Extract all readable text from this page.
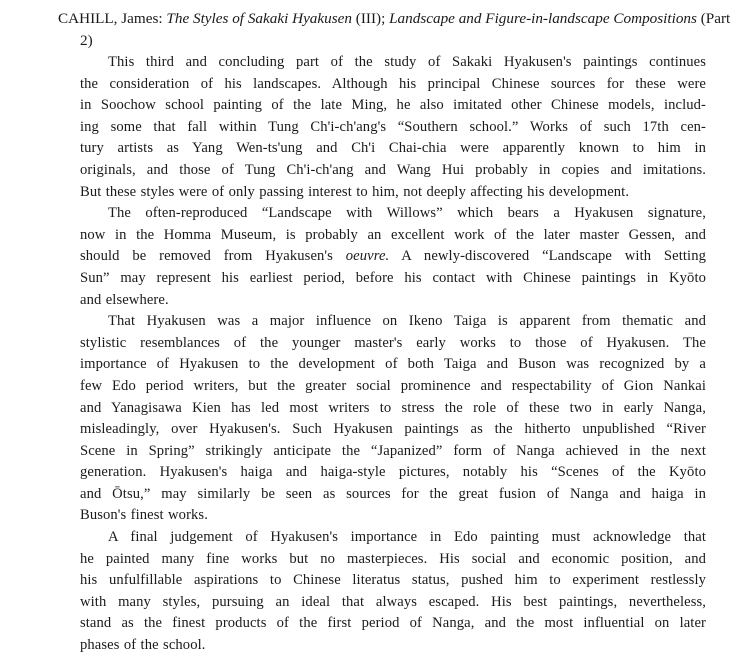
CAHILL, James: The Styles of Sakaki Hyakusen (III); Landscape and Figure-in-landscape Compositions (Part 2)
This third and concluding part of the study of Sakaki Hyakusen's paintings continues
the consideration of his landscapes. Although his principal Chinese sources for these were
in Soochow school painting of the late Ming, he also imitated other Chinese models, includ-
ing some that fall within Tung Ch'i-ch'ang's “Southern school.” Works of such 17th cen-
tury artists as Yang Wen-ts'ung and Ch'i Chai-chia were apparently known to him in
originals, and those of Tung Ch'i-ch'ang and Wang Hui probably in copies and imitations.
But these styles were of only passing interest to him, not deeply affecting his development.
The often-reproduced “Landscape with Willows” which bears a Hyakusen signature,
now in the Homma Museum, is probably an excellent work of the later master Gessen, and
should be removed from Hyakusen's oeuvre. A newly-discovered “Landscape with Setting
Sun” may represent his earliest period, before his contact with Chinese paintings in Kyōto
and elsewhere.
That Hyakusen was a major influence on Ikeno Taiga is apparent from thematic and
stylistic resemblances of the younger master's early works to those of Hyakusen. The
importance of Hyakusen to the development of both Taiga and Buson was recognized by a
few Edo period writers, but the greater social prominence and respectability of Gion Nankai
and Yanagisawa Kien has led most writers to stress the role of these two in early Nanga,
misleadingly, over Hyakusen's. Such Hyakusen paintings as the hitherto unpublished “River
Scene in Spring” strikingly anticipate the “Japanized” form of Nanga achieved in the next
generation. Hyakusen's haiga and haiga-style pictures, notably his “Scenes of the Kyōto
and Ōtsu,” may similarly be seen as sources for the great fusion of Nanga and haiga in
Buson's finest works.
A final judgement of Hyakusen's importance in Edo painting must acknowledge that
he painted many fine works but no masterpieces. His social and economic position, and
his unfulfillable aspirations to Chinese literatus status, pushed him to experiment restlessly
with many styles, pursuing an ideal that always escaped. His best paintings, nevertheless,
stand as the finest products of the first period of Nanga, and the most influential on later
phases of the school.
